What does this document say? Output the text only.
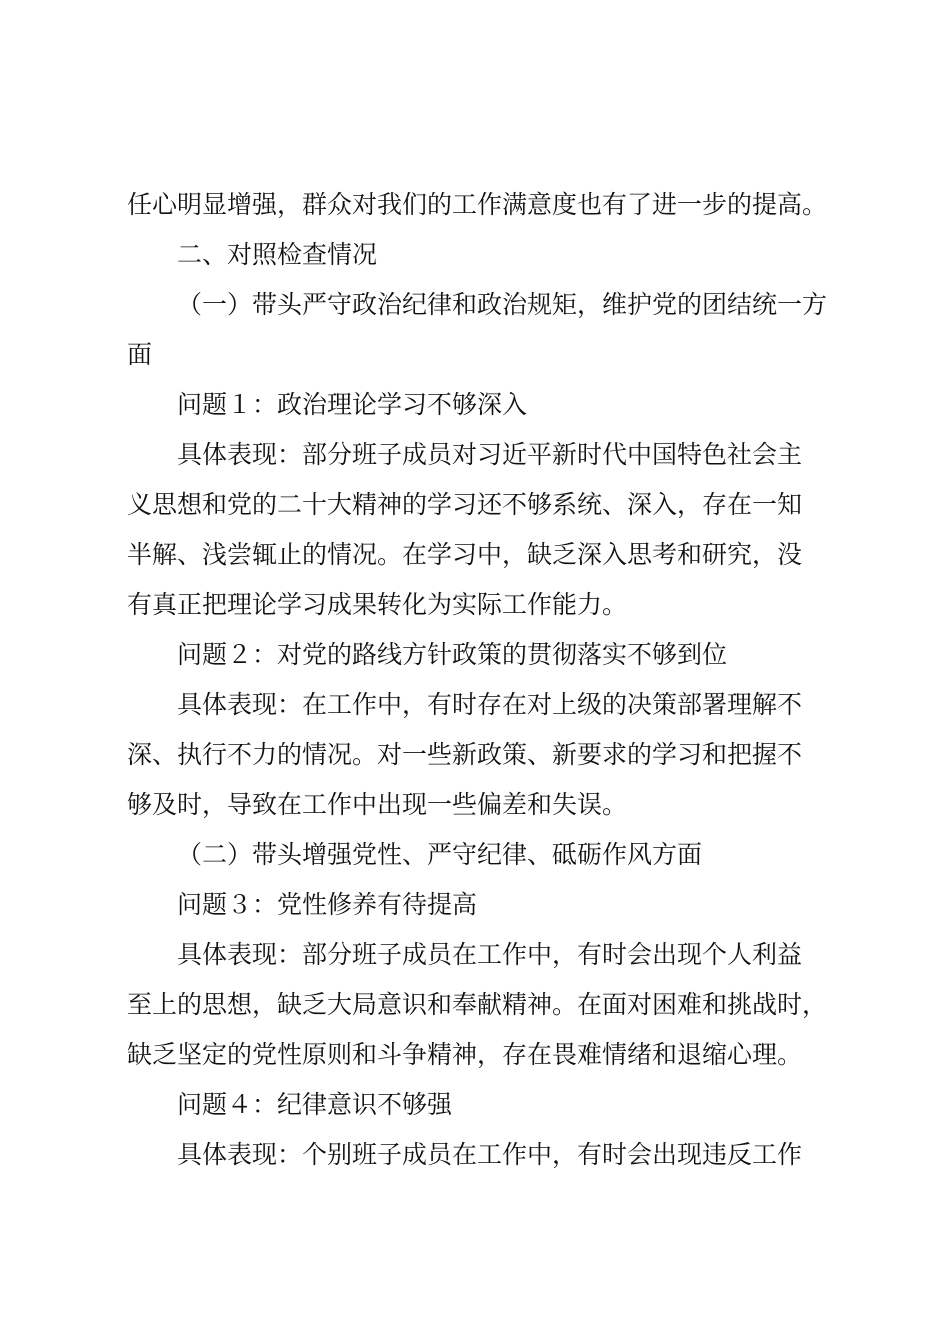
任心明显增强，群众对我们的工作满意度也有了进一步的提高。
二、对照检查情况
（一）带头严守政治纪律和政治规矩，维护党的团结统一方
面
问题１：政治理论学习不够深入
具体表现：部分班子成员对习近平新时代中国特色社会主
义思想和党的二十大精神的学习还不够系统、深入，存在一知
半解、浅尝辄止的情况。在学习中，缺乏深入思考和研究，没
有真正把理论学习成果转化为实际工作能力。
问题２：对党的路线方针政策的贯彻落实不够到位
具体表现：在工作中，有时存在对上级的决策部署理解不
深、执行不力的情况。对一些新政策、新要求的学习和把握不
够及时，导致在工作中出现一些偏差和失误。
（二）带头增强党性、严守纪律、砥砺作风方面
问题３：党性修养有待提高
具体表现：部分班子成员在工作中，有时会出现个人利益
至上的思想，缺乏大局意识和奉献精神。在面对困难和挑战时，
缺乏坚定的党性原则和斗争精神，存在畏难情绪和退缩心理。
问题４：纪律意识不够强
具体表现：个别班子成员在工作中，有时会出现违反工作
